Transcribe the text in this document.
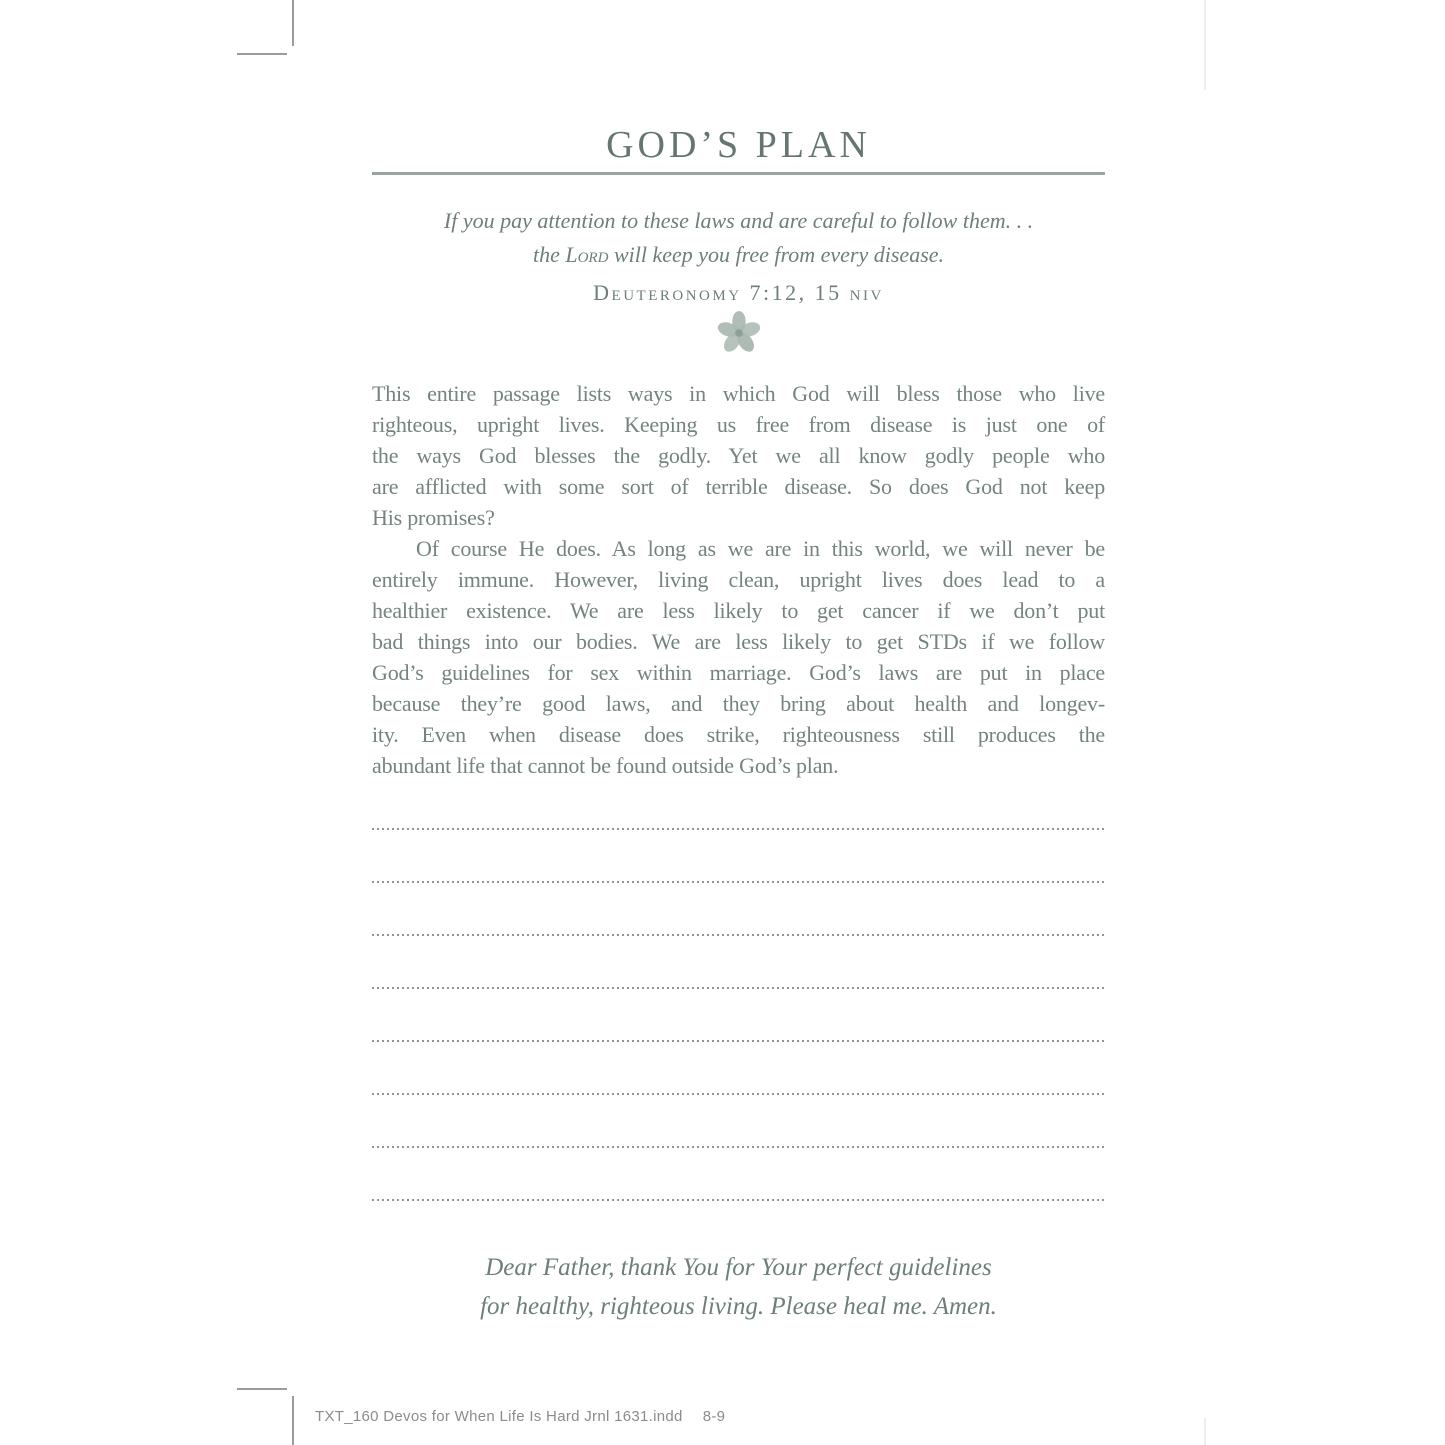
GOD’S PLAN
If you pay attention to these laws and are careful to follow them. . .
the Lord will keep you free from every disease.
Deuteronomy 7:12, 15 niv
This entire passage lists ways in which God will bless those who live
righteous, upright lives. Keeping us free from disease is just one of
the ways God blesses the godly. Yet we all know godly people who
are afflicted with some sort of terrible disease. So does God not keep
His promises?
Of course He does. As long as we are in this world, we will never be
entirely immune. However, living clean, upright lives does lead to a
healthier existence. We are less likely to get cancer if we don’t put
bad things into our bodies. We are less likely to get STDs if we follow
God’s guidelines for sex within marriage. God’s laws are put in place
because they’re good laws, and they bring about health and longev-
ity. Even when disease does strike, righteousness still produces the
abundant life that cannot be found outside God’s plan.
Dear Father, thank You for Your perfect guidelines
for healthy, righteous living. Please heal me. Amen.
TXT_160 Devos for When Life Is Hard Jrnl 1631.indd 8-9
